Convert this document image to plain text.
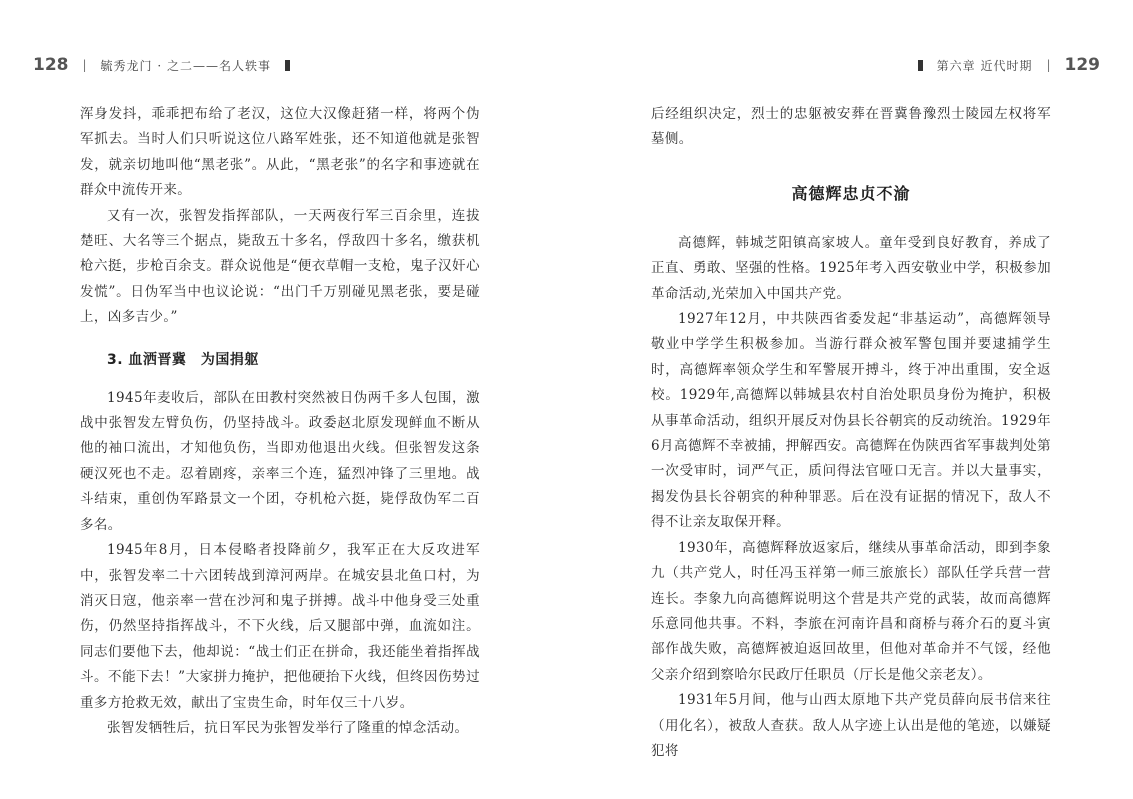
128 | 毓秀龙门 · 之二——名人轶事	第六章 近代时期 | 129

浑身发抖，乖乖把布给了老汉，这位大汉像赶猪一样，将两个伪军抓去。当时人们只听说这位八路军姓张，还不知道他就是张智发，就亲切地叫他“黑老张”。从此，“黑老张”的名字和事迹就在群众中流传开来。

又有一次，张智发指挥部队，一天两夜行军三百余里，连拔楚旺、大名等三个据点，毙敌五十多名，俘敌四十多名，缴获机枪六挺，步枪百余支。群众说他是“便衣草帽一支枪，鬼子汉奸心发慌”。日伪军当中也议论说：“出门千万别碰见黑老张，要是碰上，凶多吉少。”

3. 血洒晋冀　为国捐躯

1945年麦收后，部队在田教村突然被日伪两千多人包围，激战中张智发左臂负伤，仍坚持战斗。政委赵北原发现鲜血不断从他的袖口流出，才知他负伤，当即劝他退出火线。但张智发这条硬汉死也不走。忍着剧疼，亲率三个连，猛烈冲锋了三里地。战斗结束，重创伪军路景文一个团，夺机枪六挺，毙俘敌伪军二百多名。

1945年8月，日本侵略者投降前夕，我军正在大反攻进军中，张智发率二十六团转战到漳河两岸。在城安县北鱼口村，为消灭日寇，他亲率一营在沙河和鬼子拼搏。战斗中他身受三处重伤，仍然坚持指挥战斗，不下火线，后又腿部中弹，血流如注。同志们要他下去，他却说：“战士们正在拼命，我还能坐着指挥战斗。不能下去！”大家拼力掩护，把他硬抬下火线，但终因伤势过重多方抢救无效，献出了宝贵生命，时年仅三十八岁。

张智发牺牲后，抗日军民为张智发举行了隆重的悼念活动。

后经组织决定，烈士的忠躯被安葬在晋冀鲁豫烈士陵园左权将军墓侧。

高德辉忠贞不渝

高德辉，韩城芝阳镇高家坡人。童年受到良好教育，养成了正直、勇敢、坚强的性格。1925年考入西安敬业中学，积极参加革命活动,光荣加入中国共产党。

1927年12月，中共陕西省委发起“非基运动”，高德辉领导敬业中学学生积极参加。当游行群众被军警包围并要逮捕学生时，高德辉率领众学生和军警展开搏斗，终于冲出重围，安全返校。1929年,高德辉以韩城县农村自治处职员身份为掩护，积极从事革命活动，组织开展反对伪县长谷朝宾的反动统治。1929年6月高德辉不幸被捕，押解西安。高德辉在伪陕西省军事裁判处第一次受审时，词严气正，质问得法官哑口无言。并以大量事实，揭发伪县长谷朝宾的种种罪恶。后在没有证据的情况下，敌人不得不让亲友取保开释。

1930年，高德辉释放返家后，继续从事革命活动，即到李象九（共产党人，时任冯玉祥第一师三旅旅长）部队任学兵营一营连长。李象九向高德辉说明这个营是共产党的武装，故而高德辉乐意同他共事。不料，李旅在河南许昌和商桥与蒋介石的夏斗寅部作战失败，高德辉被迫返回故里，但他对革命并不气馁，经他父亲介绍到察哈尔民政厅任职员（厅长是他父亲老友）。

1931年5月间，他与山西太原地下共产党员薛向辰书信来往（用化名），被敌人查获。敌人从字迹上认出是他的笔迹，以嫌疑犯将
